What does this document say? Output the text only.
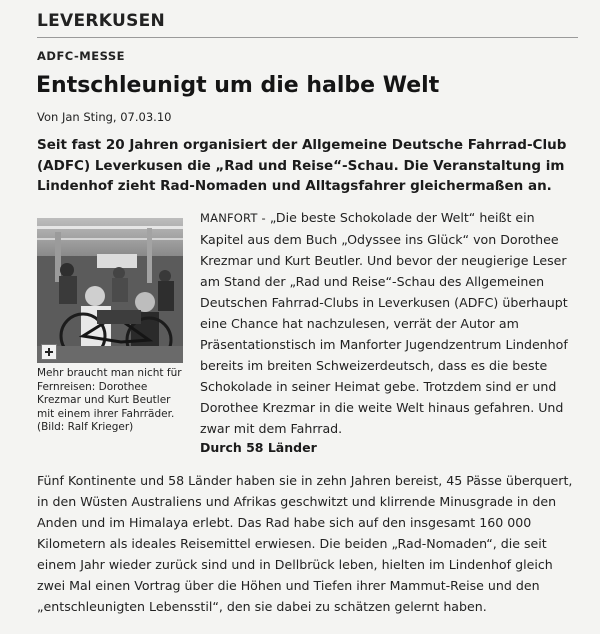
LEVERKUSEN
ADFC-MESSE
Entschleunigt um die halbe Welt
Von Jan Sting, 07.03.10
Seit fast 20 Jahren organisiert der Allgemeine Deutsche Fahrrad-Club (ADFC) Leverkusen die „Rad und Reise“-Schau. Die Veranstaltung im Lindenhof zieht Rad-Nomaden und Alltagsfahrer gleichermaßen an.
Mehr braucht man nicht für Fernreisen: Dorothee Krezmar und Kurt Beutler mit einem ihrer Fahrräder. (Bild: Ralf Krieger)
MANFORT - „Die beste Schokolade der Welt“ heißt ein Kapitel aus dem Buch „Odyssee ins Glück“ von Dorothee Krezmar und Kurt Beutler. Und bevor der neugierige Leser am Stand der „Rad und Reise“-Schau des Allgemeinen Deutschen Fahrrad-Clubs in Leverkusen (ADFC) überhaupt eine Chance hat nachzulesen, verrät der Autor am Präsentationstisch im Manforter Jugendzentrum Lindenhof bereits im breiten Schweizerdeutsch, dass es die beste Schokolade in seiner Heimat gebe. Trotzdem sind er und Dorothee Krezmar in die weite Welt hinaus gefahren. Und zwar mit dem Fahrrad.
Durch 58 Länder
Fünf Kontinente und 58 Länder haben sie in zehn Jahren bereist, 45 Pässe überquert, in den Wüsten Australiens und Afrikas geschwitzt und klirrende Minusgrade in den Anden und im Himalaya erlebt. Das Rad habe sich auf den insgesamt 160 000 Kilometern als ideales Reisemittel erwiesen. Die beiden „Rad-Nomaden“, die seit einem Jahr wieder zurück sind und in Dellbrück leben, hielten im Lindenhof gleich zwei Mal einen Vortrag über die Höhen und Tiefen ihrer Mammut-Reise und den „entschleunigten Lebensstil“, den sie dabei zu schätzen gelernt haben.
